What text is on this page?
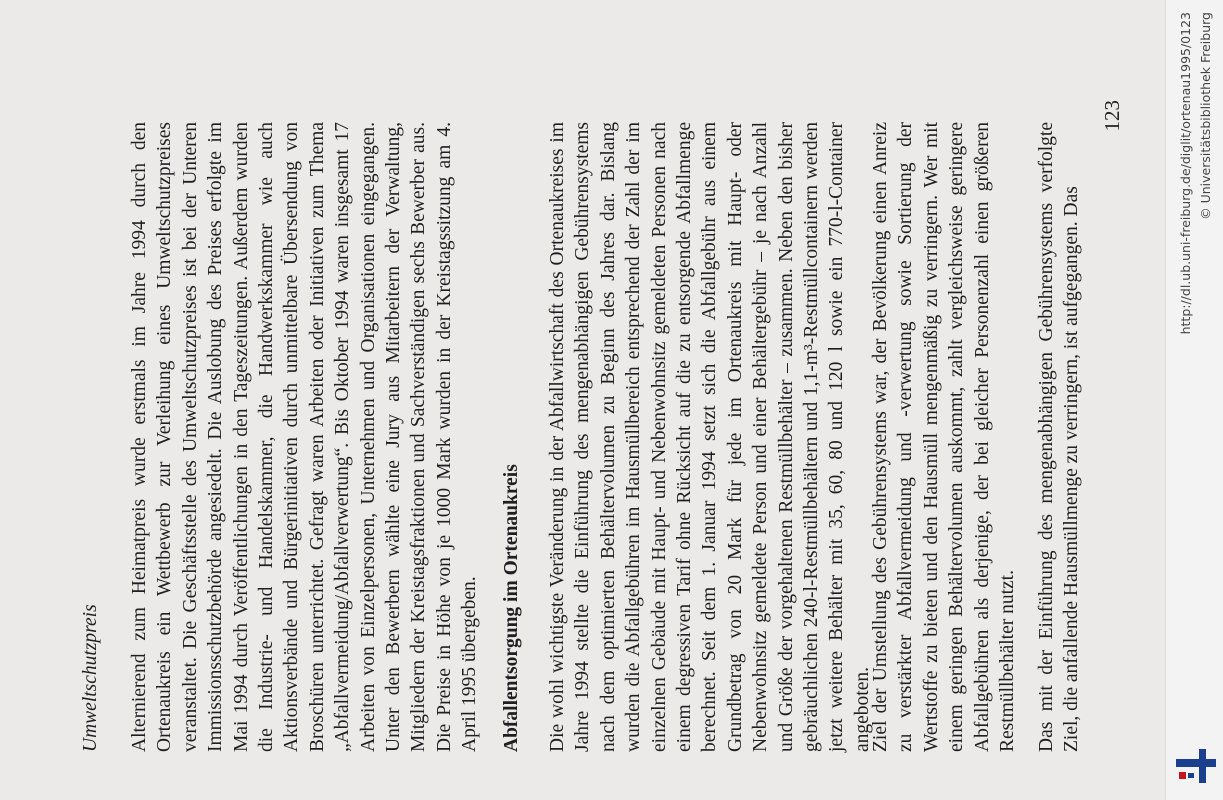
Umweltschutzpreis Alternierend zum Heimatpreis wurde erstmals im Jahre 1994 durch den Ortenaukreis ein Wettbewerb zur Verleihung eines Umweltschutzpreises veranstaltet. Die Geschäftsstelle des Umweltschutzpreises ist bei der Unteren Immissionsschutzbehörde angesiedelt. Die Auslobung des Preises erfolgte im Mai 1994 durch Veröffentlichungen in den Tageszeitungen. Außerdem wurden die Industrie- und Handelskammer, die Handwerkskammer wie auch Aktionsverbände und Bürgerinitiativen durch unmittelbare Übersendung von Broschüren unterrichtet. Gefragt waren Arbeiten oder Initiativen zum Thema „Abfallvermeidung/Abfallverwertung“. Bis Oktober 1994 waren insgesamt 17 Arbeiten von Einzelpersonen, Unternehmen und Organisationen eingegangen. Unter den Bewerbern wählte eine Jury aus Mitarbeitern der Verwaltung, Mitgliedern der Kreistagsfraktionen und Sachverständigen sechs Bewerber aus. Die Preise in Höhe von je 1000 Mark wurden in der Kreistagssitzung am 4. April 1995 übergeben. Abfallentsorgung im Ortenaukreis Die wohl wichtigste Veränderung in der Abfallwirtschaft des Ortenaukreises im Jahre 1994 stellte die Einführung des mengenabhängigen Gebührensystems nach dem optimierten Behältervolumen zu Beginn des Jahres dar. Bislang wurden die Abfallgebühren im Hausmüllbereich entsprechend der Zahl der im einzelnen Gebäude mit Haupt- und Nebenwohnsitz gemeldeten Personen nach einem degressiven Tarif ohne Rücksicht auf die zu entsorgende Abfallmenge berechnet. Seit dem 1. Januar 1994 setzt sich die Abfallgebühr aus einem Grundbetrag von 20 Mark für jede im Ortenaukreis mit Haupt- oder Nebenwohnsitz gemeldete Person und einer Behältergebühr – je nach Anzahl und Größe der vorgehaltenen Restmüllbehälter – zusammen. Neben den bisher gebräuchlichen 240-l-Restmüllbehältern und 1,1-m³-Restmüllcontainern werden jetzt weitere Behälter mit 35, 60, 80 und 120 l sowie ein 770-l-Container angeboten.

Ziel der Umstellung des Gebührensystems war, der Bevölkerung einen Anreiz zu verstärkter Abfallvermeidung und -verwertung sowie Sortierung der Wertstoffe zu bieten und den Hausmüll mengenmäßig zu verringern. Wer mit einem geringen Behältervolumen auskommt, zahlt vergleichsweise geringere Abfallgebühren als derjenige, der bei gleicher Personenzahl einen größeren Restmüllbehälter nutzt. Das mit der Einführung des mengenabhängigen Gebührensystems verfolgte Ziel, die anfallende Hausmüllmenge zu verringern, ist aufgegangen. Das

123	http://dl.ub.uni-freiburg.de/diglit/ortenau1995/0123 © Universitätsbibliothek Freiburg
